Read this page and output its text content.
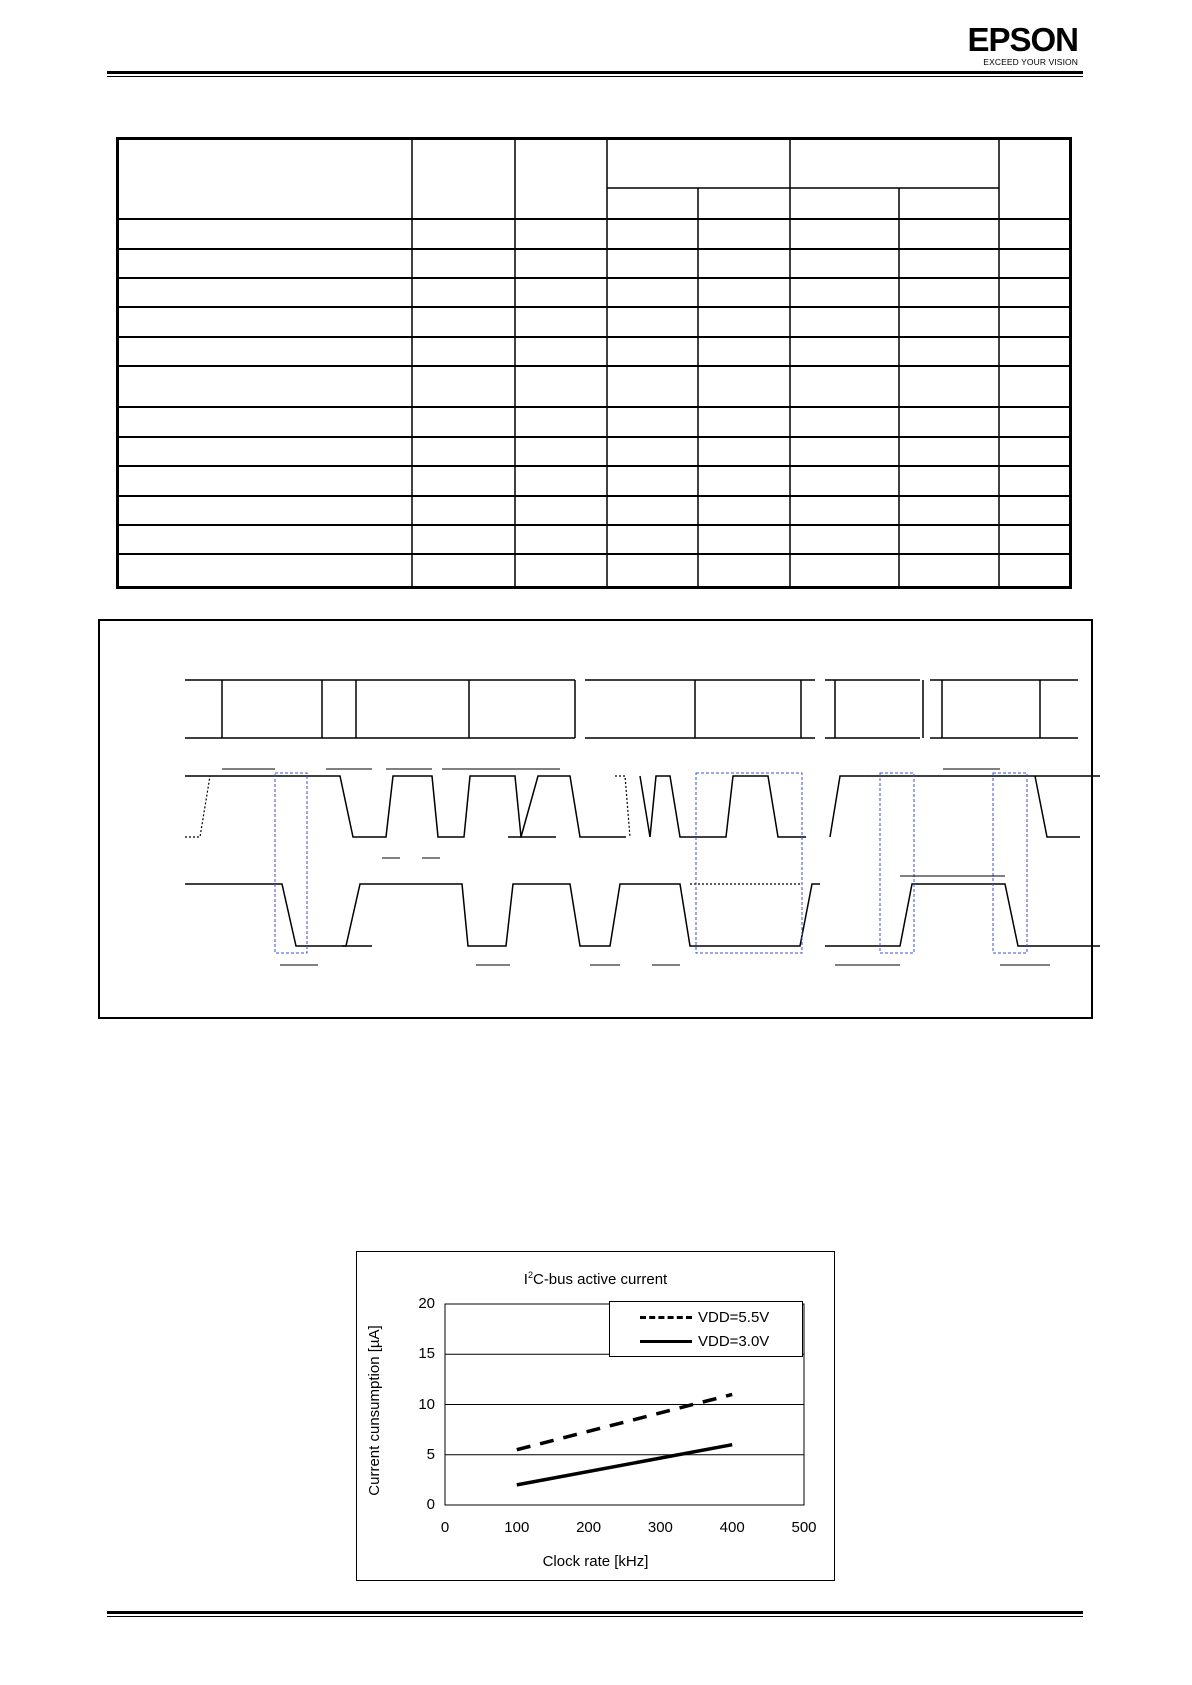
EPSON
EXCEED YOUR VISION
$I^2C$-bus active current
Current cunsumption [µA]
Clock rate [kHz]
VDD=5.5V
VDD=3.0V
0
5
10
15
20
0	100	200	300	400	500
